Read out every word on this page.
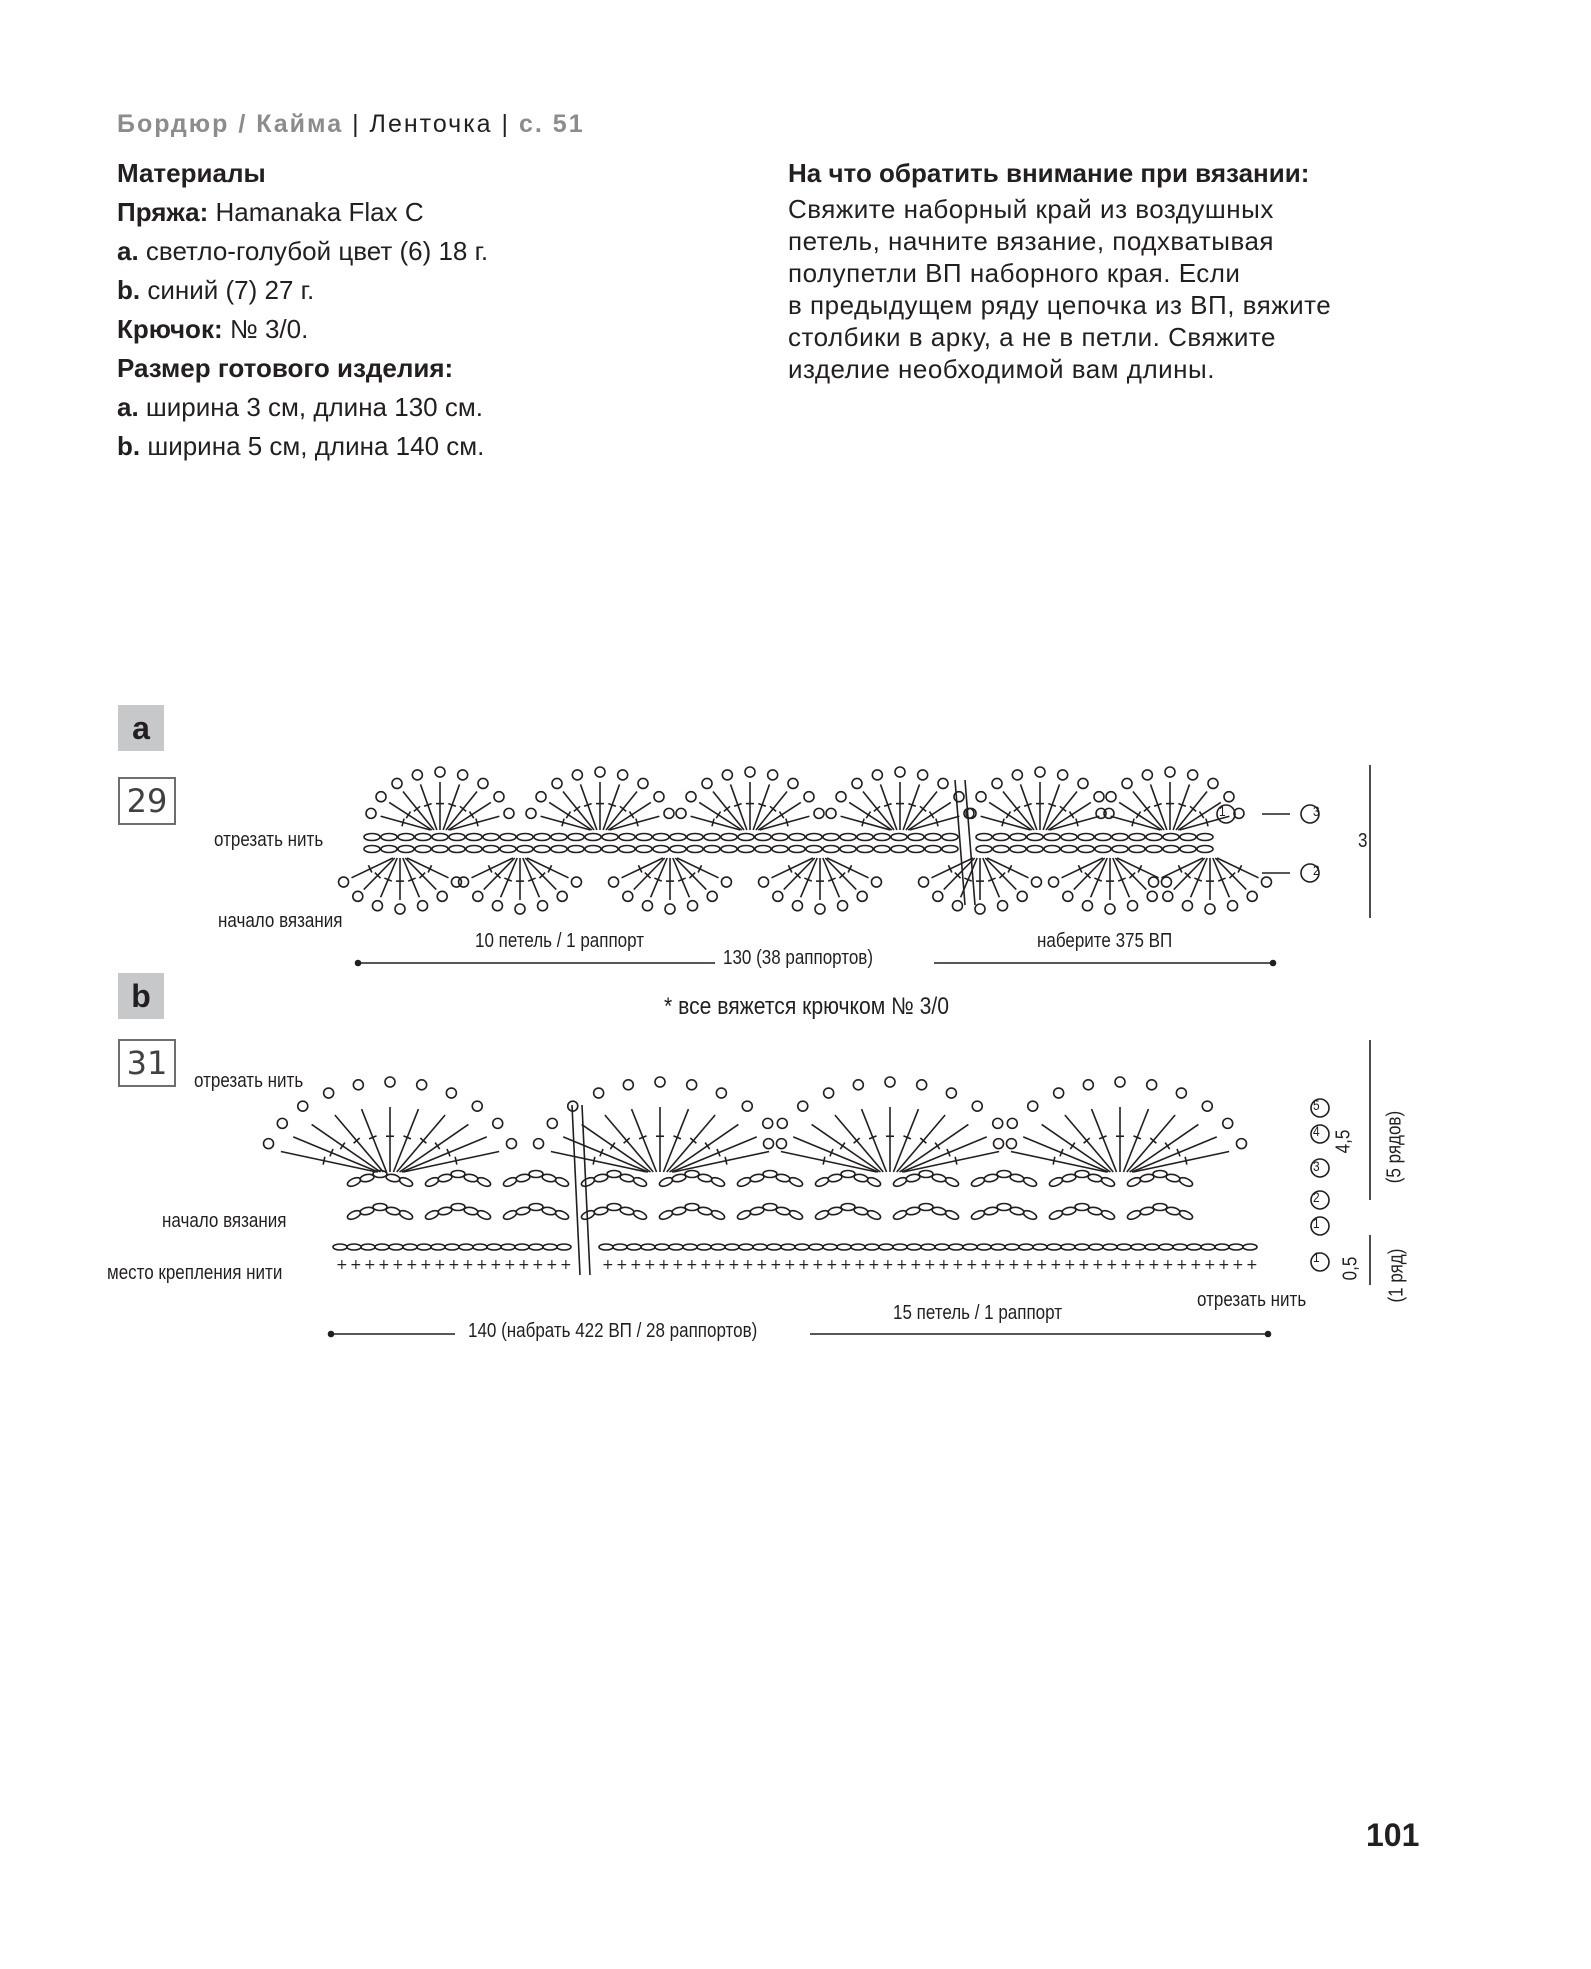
Бордюр / Кайма | Ленточка | с. 51
Материалы
Пряжа: Hamanaka Flax C
a. светло-голубой цвет (6) 18 г.
b. синий (7) 27 г.
Крючок: № 3/0.
Размер готового изделия:
a. ширина 3 см, длина 130 см.
b. ширина 5 см, длина 140 см.
На что обратить внимание при вязании:

Свяжите наборный край из воздушных

петель, начните вязание, подхватывая

полупетли ВП наборного края. Если

в предыдущем ряду цепочка из ВП, вяжите

столбики в арку, а не в петли. Свяжите

изделие необходимой вам длины.

a
29
b
31
+ + + + + + + + + + + + + + + + + + + + + + + + + + + + + + + + + + + + + + + + + + + + + + + + + + + + + + + + + + + + + + + +
отрезать нить
начало вязания
10 петель / 1 раппорт
130 (38 раппортов)
наберите 375 ВП
3
3
2
1
* все вяжется крючком № 3/0
отрезать нить
начало вязания
место крепления нити
15 петель / 1 раппорт
отрезать нить
140 (набрать 422 ВП / 28 раппортов)
4,5 (5 рядов)
0,5 (1 ряд)
5
4
3
2
1
1
101
